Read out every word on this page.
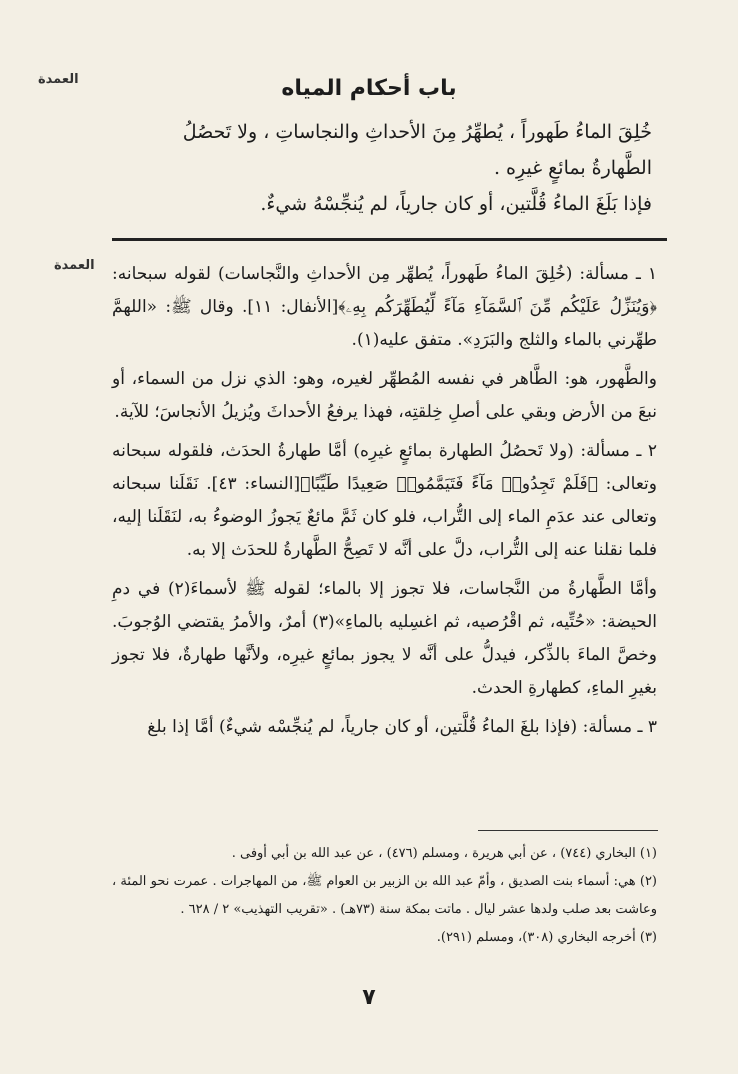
العمدة
العمدة
باب أحكام المياه

خُلِقَ الماءُ طَهوراً ، يُطهِّرُ مِنَ الأحداثِ والنجاساتِ ، ولا تَحصُلُ

الطَّهارةُ بمائعٍ غيرِه .

فإذا بَلَغَ الماءُ قُلَّتين، أو كان جارياً، لم يُنجِّسْهُ شيءٌ.

١ ـ مسألة: (خُلِقَ الماءُ طَهوراً، يُطهِّر مِن الأحداثِ والنَّجاسات) لقوله سبحانه: ﴿وَيُنَزِّلُ عَلَيْكُم مِّنَ ٱلسَّمَآءِ مَآءً لِّيُطَهِّرَكُم بِهِۦ﴾[الأنفال: ١١]. وقال ﷺ: «اللهمَّ طهِّرني بالماء والثلج والبَرَدِ». متفق عليه(١).

والطَّهور، هو: الطَّاهر في نفسه المُطهِّر لغيره، وهو: الذي نزل من السماء، أو نبعَ من الأرض وبقي على أصلِ خِلقتِه، فهذا يرفعُ الأحداثَ ويُزيلُ الأنجاسَ؛ للآية.

٢ ـ مسألة: (ولا تَحصُلُ الطهارة بمائعٍ غيرِه) أمَّا طهارةُ الحدَث، فلقوله سبحانه وتعالى: ﴿فَلَمْ تَجِدُوا۟ مَآءً فَتَيَمَّمُوا۟ صَعِيدًا طَيِّبًا﴾[النساء: ٤٣]. نَقَلَنا سبحانه وتعالى عند عدَمِ الماء إلى التُّراب، فلو كان ثَمَّ مائعٌ يَجوزُ الوضوءُ به، لنَقَلَنا إليه، فلما نقلنا عنه إلى التُّراب، دلَّ على أنَّه لا تَصِحُّ الطَّهارةُ للحدَث إلا به.

وأمَّا الطَّهارةُ من النَّجاسات، فلا تجوز إلا بالماء؛ لقوله ﷺ لأسماءَ(٢) في دمِ الحيضة: «حُتِّيه، ثم اقْرُصيه، ثم اغسِليه بالماءِ»(٣) أمرٌ، والأمرُ يقتضي الوُجوبَ. وخصَّ الماءَ بالذِّكر، فيدلُّ على أنَّه لا يجوز بمائعٍ غيرِه، ولأنَّها طهارةٌ، فلا تجوز بغيرِ الماءِ، كطهارةِ الحدث.

٣ ـ مسألة: (فإذا بلغَ الماءُ قُلَّتين، أو كان جارياً، لم يُنجِّسْه شيءٌ) أمَّا إذا بلغ

(١) البخاري (٧٤٤) ، عن أبي هريرة ، ومسلم (٤٧٦) ، عن عبد الله بن أبي أوفى .

(٢) هي: أسماء بنت الصديق ، وأمّ عبد الله بن الزبير بن العوام ﷺ، من المهاجرات . عمرت نحو المئة ، وعاشت بعد صلب ولدها عشر ليال . ماتت بمكة سنة (٧٣هـ) . «تقريب التهذيب» ٢ / ٦٢٨ .

(٣) أخرجه البخاري (٣٠٨)، ومسلم (٢٩١).

٧
